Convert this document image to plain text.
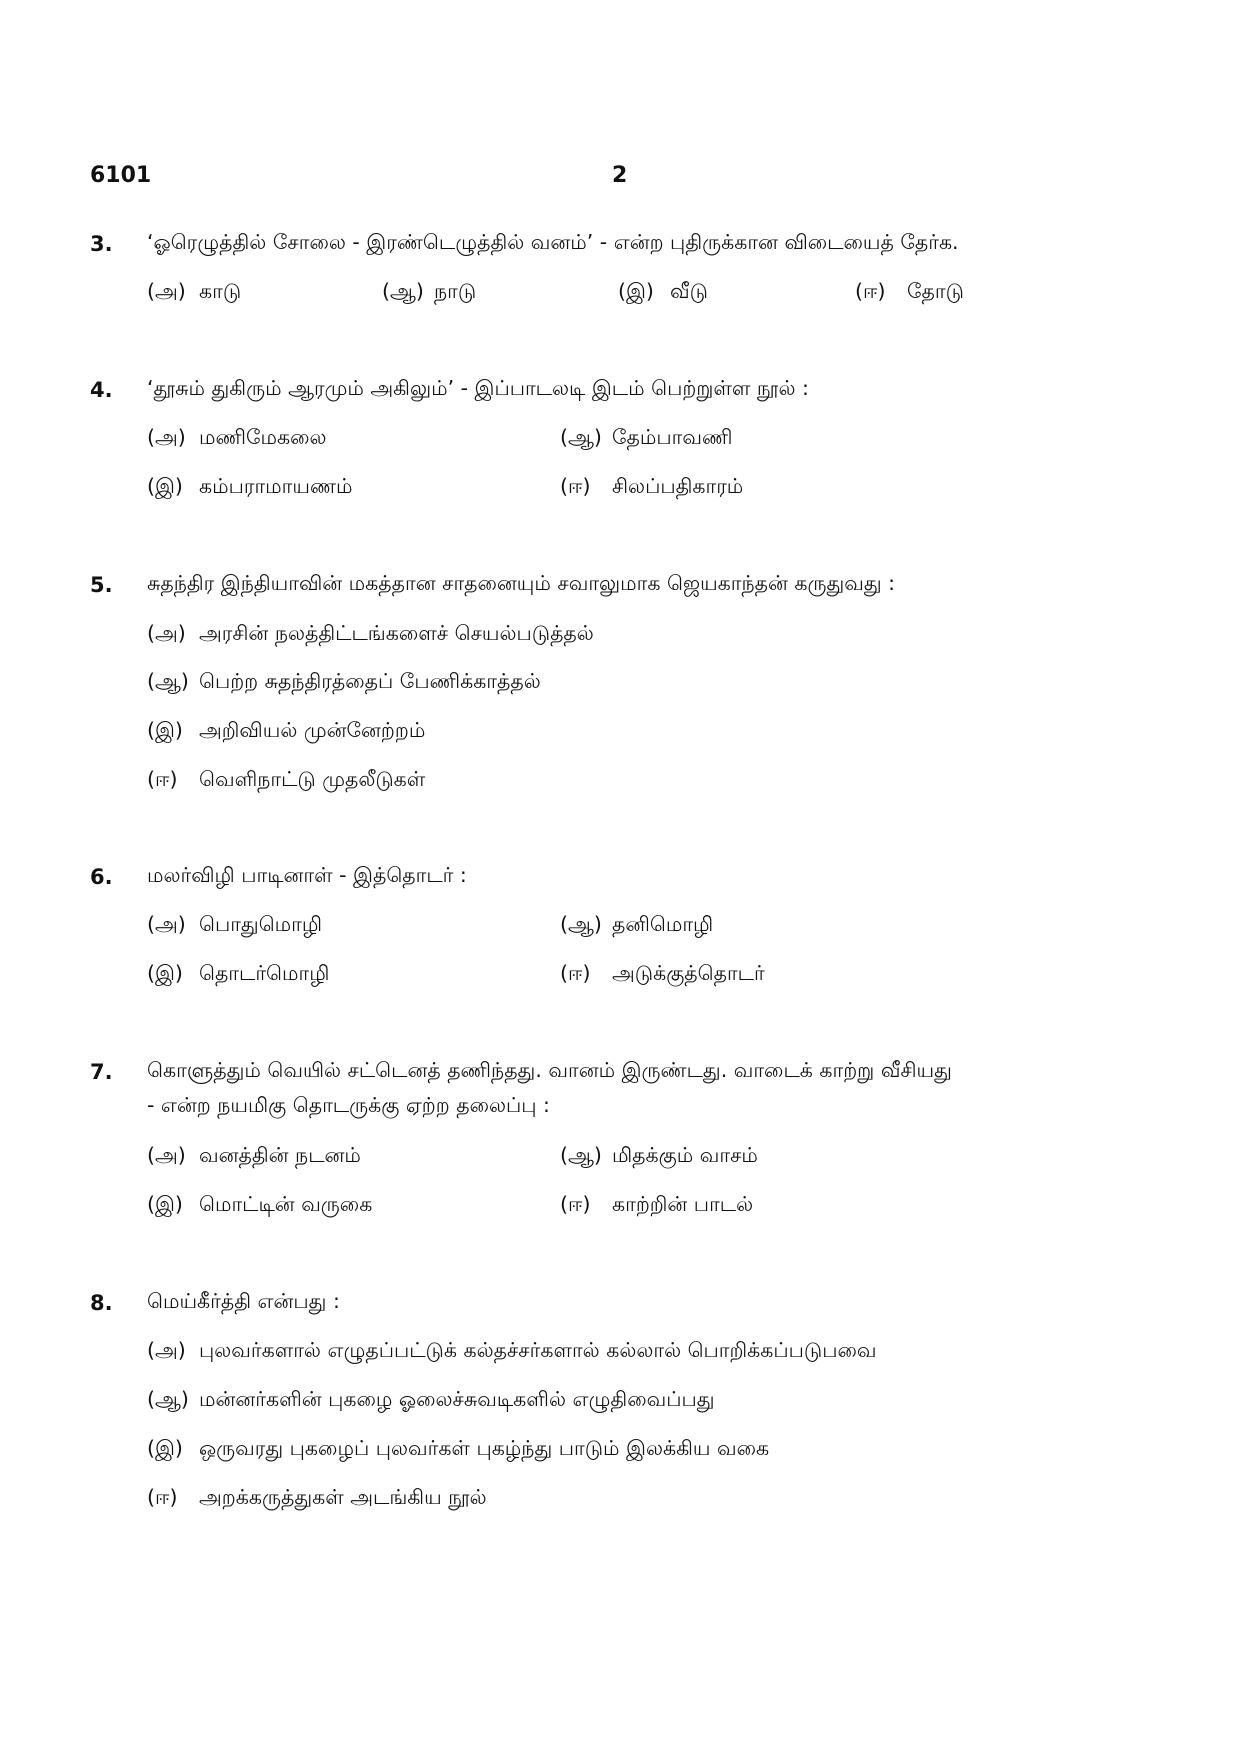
6101	2
3. ‘ஓரெழுத்தில் சோலை - இரண்டெழுத்தில் வனம்’ - என்ற புதிருக்கான விடையைத் தேர்க.
(அ) காடு	(ஆ) நாடு	(இ) வீடு	(ஈ) தோடு
4. ‘தூசும் துகிரும் ஆரமும் அகிலும்’ - இப்பாடலடி இடம் பெற்றுள்ள நூல் :
(அ) மணிமேகலை	(ஆ) தேம்பாவணி
(இ) கம்பராமாயணம்	(ஈ) சிலப்பதிகாரம்
5. சுதந்திர இந்தியாவின் மகத்தான சாதனையும் சவாலுமாக ஜெயகாந்தன் கருதுவது :
(அ) அரசின் நலத்திட்டங்களைச் செயல்படுத்தல்
(ஆ) பெற்ற சுதந்திரத்தைப் பேணிக்காத்தல்
(இ) அறிவியல் முன்னேற்றம்
(ஈ) வெளிநாட்டு முதலீடுகள்
6. மலர்விழி பாடினாள் - இத்தொடர் :
(அ) பொதுமொழி	(ஆ) தனிமொழி
(இ) தொடர்மொழி	(ஈ) அடுக்குத்தொடர்
7. கொளுத்தும் வெயில் சட்டெனத் தணிந்தது. வானம் இருண்டது. வாடைக் காற்று வீசியது
- என்ற நயமிகு தொடருக்கு ஏற்ற தலைப்பு :
(அ) வனத்தின் நடனம்	(ஆ) மிதக்கும் வாசம்
(இ) மொட்டின் வருகை	(ஈ) காற்றின் பாடல்
8. மெய்கீர்த்தி என்பது :
(அ) புலவர்களால் எழுதப்பட்டுக் கல்தச்சர்களால் கல்லால் பொறிக்கப்படுபவை
(ஆ) மன்னர்களின் புகழை ஓலைச்சுவடிகளில் எழுதிவைப்பது
(இ) ஒருவரது புகழைப் புலவர்கள் புகழ்ந்து பாடும் இலக்கிய வகை
(ஈ) அறக்கருத்துகள் அடங்கிய நூல்
